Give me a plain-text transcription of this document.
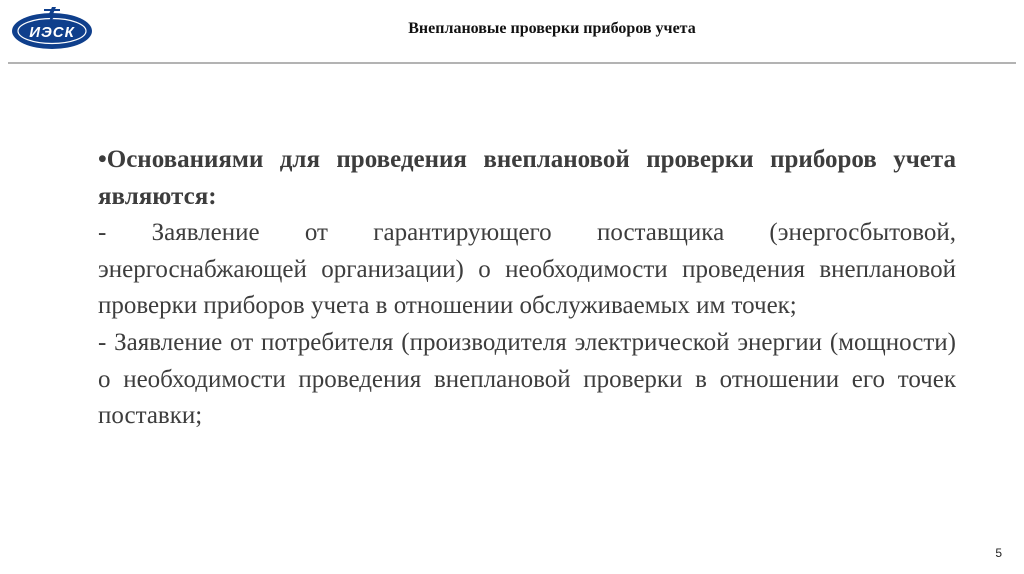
ИЭСК	Внеплановые проверки приборов учета

•Основаниями для проведения внеплановой проверки приборов учета являются:

- Заявление от гарантирующего поставщика (энергосбытовой, энергоснабжающей организации) о необходимости проведения внеплановой проверки приборов учета в отношении обслуживаемых им точек;

- Заявление от потребителя (производителя электрической энергии (мощности) о необходимости проведения внеплановой проверки в отношении его точек поставки;

5
